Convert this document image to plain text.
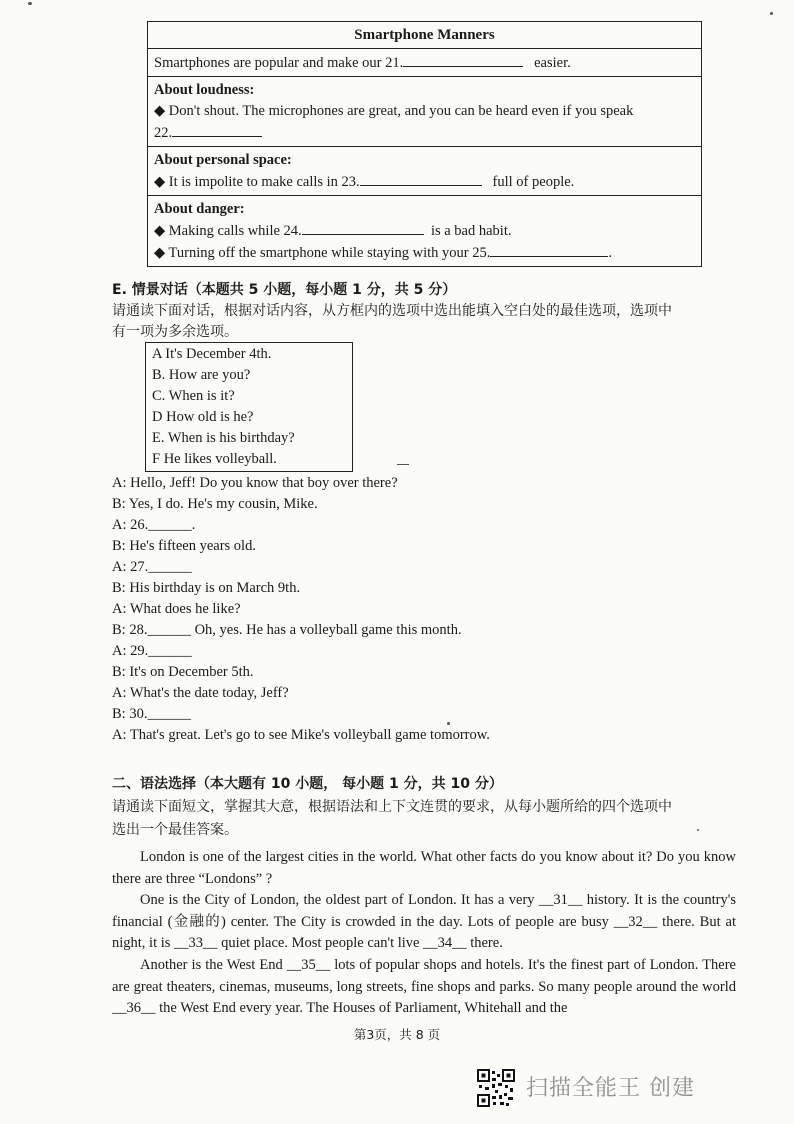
Smartphone Manners
Smartphones are popular and make our 21.	easier.
About loudness:
◆ Don't shout. The microphones are great, and you can be heard even if you speak
22.
About personal space:
◆ It is impolite to make calls in 23.	full of people.
About danger:
◆ Making calls while 24.	is a bad habit.
◆ Turning off the smartphone while staying with your 25.	.
E. 情景对话（本题共 5 小题，每小题 1 分，共 5 分）
请通读下面对话，根据对话内容，从方框内的选项中选出能填入空白处的最佳选项，选项中
有一项为多余选项。
A It's December 4th.
B. How are you?
C. When is it?
D How old is he?
E. When is his birthday?
F He likes volleyball.
A: Hello, Jeff! Do you know that boy over there?
B: Yes, I do. He's my cousin, Mike.
A: 26.______.
B: He's fifteen years old.
A: 27.______
B: His birthday is on March 9th.
A: What does he like?
B: 28.______ Oh, yes. He has a volleyball game this month.
A: 29.______
B: It's on December 5th.
A: What's the date today, Jeff?
B: 30.______
A: That's great. Let's go to see Mike's volleyball game tomorrow.
二、语法选择（本大题有 10 小题， 每小题 1 分，共 10 分）
请通读下面短文，掌握其大意，根据语法和上下文连贯的要求，从每小题所给的四个选项中
选出一个最佳答案。
London is one of the largest cities in the world. What other facts do you know about it? Do you know there are three “Londons” ?
One is the City of London, the oldest part of London. It has a very __31__ history. It is the country's financial (金融的) center. The City is crowded in the day. Lots of people are busy __32__ there. But at night, it is __33__ quiet place. Most people can't live __34__ there.
Another is the West End __35__ lots of popular shops and hotels. It's the finest part of London. There are great theaters, cinemas, museums, long streets, fine shops and parks. So many people around the world __36__ the West End every year. The Houses of Parliament, Whitehall and the
第3页，共 8 页
扫描全能王 创建
